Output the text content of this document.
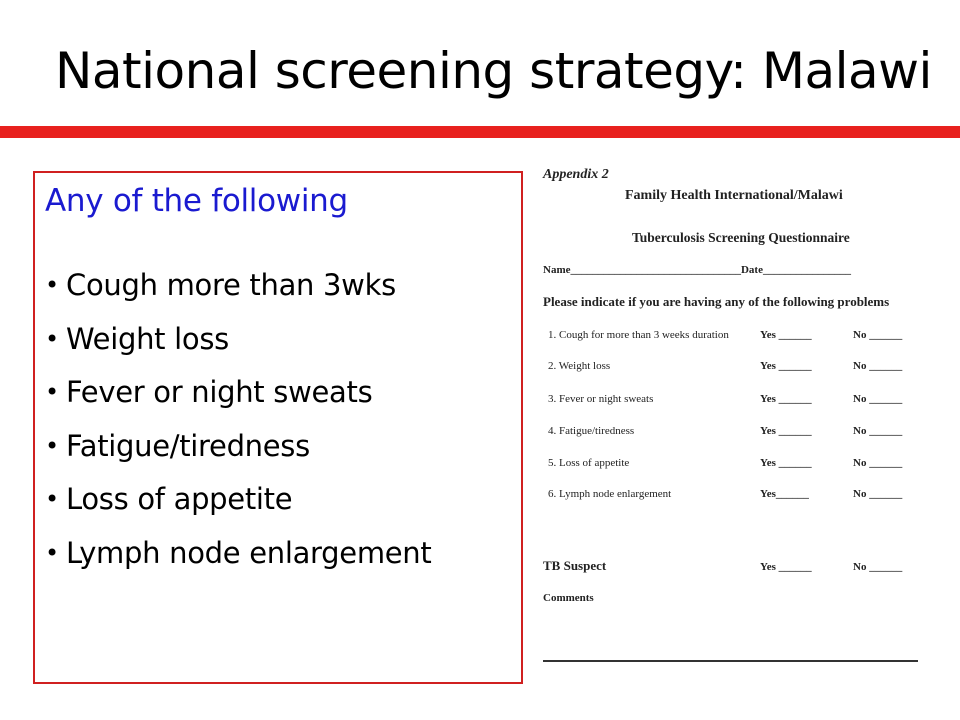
National screening strategy: Malawi
Any of the following
• Cough more than 3wks
• Weight loss
• Fever or night sweats
• Fatigue/tiredness
• Loss of appetite
• Lymph node enlargement
Appendix 2
Family Health International/Malawi
Tuberculosis Screening Questionnaire
Name_______________________________Date________________
Please indicate if you are having any of the following problems
1. Cough for more than 3 weeks duration	Yes ______	No ______
2. Weight loss	Yes ______	No ______
3. Fever or night sweats	Yes ______	No ______
4. Fatigue/tiredness	Yes ______	No ______
5. Loss of appetite	Yes ______	No ______
6. Lymph node enlargement	Yes______	No ______
TB Suspect	Yes ______	No ______
Comments
